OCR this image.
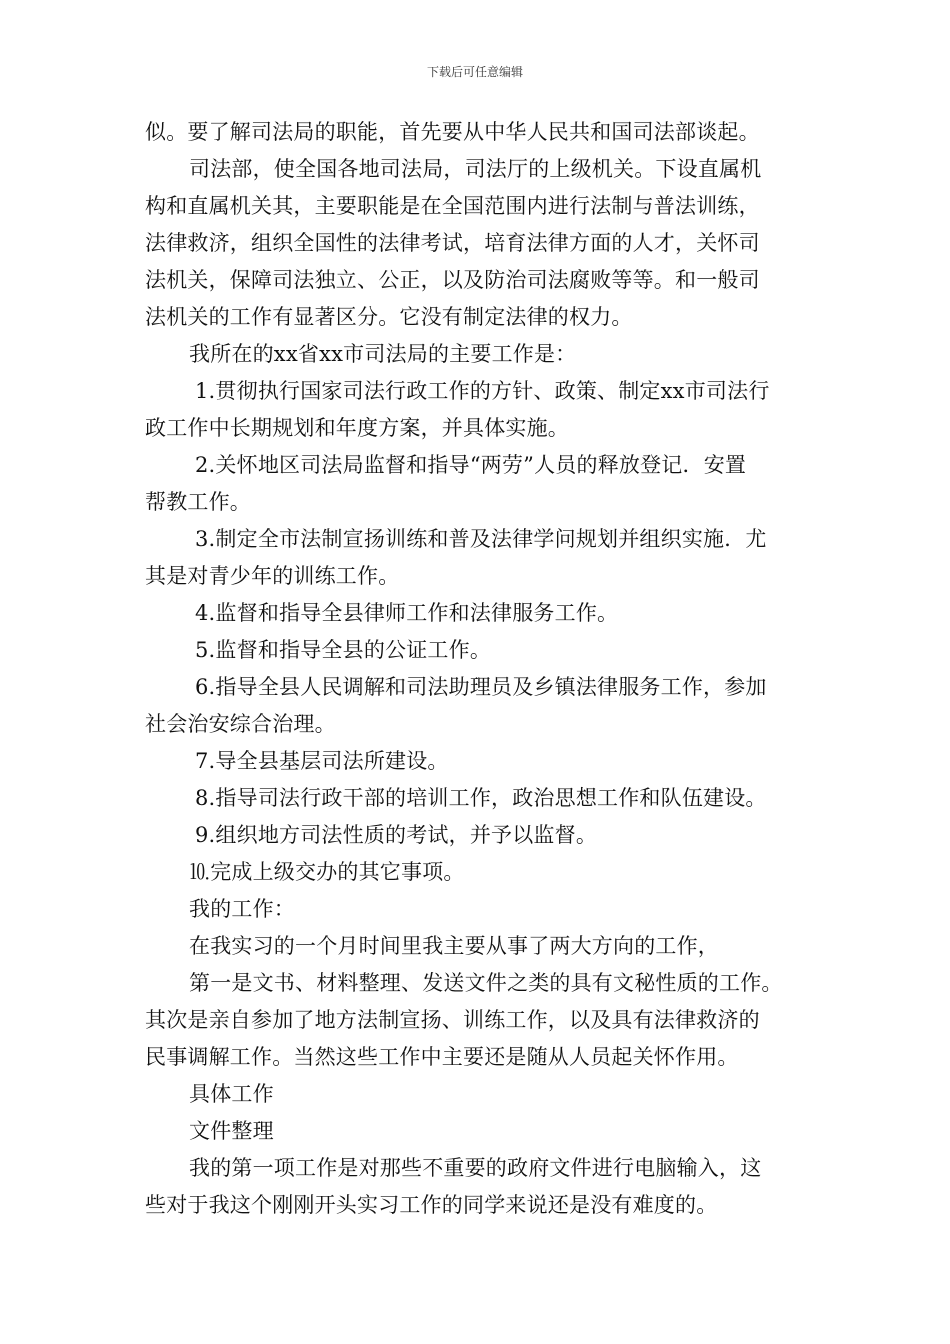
下载后可任意编辑
似。要了解司法局的职能，首先要从中华人民共和国司法部谈起。
司法部，使全国各地司法局，司法厅的上级机关。下设直属机
构和直属机关其，主要职能是在全国范围内进行法制与普法训练，
法律救济，组织全国性的法律考试，培育法律方面的人才，关怀司
法机关，保障司法独立、公正，以及防治司法腐败等等。和一般司
法机关的工作有显著区分。它没有制定法律的权力。
我所在的xx省xx市司法局的主要工作是：
1.贯彻执行国家司法行政工作的方针、政策、制定xx市司法行
政工作中长期规划和年度方案，并具体实施。
2.关怀地区司法局监督和指导“两劳”人员的释放登记．安置
帮教工作。
3.制定全市法制宣扬训练和普及法律学问规划并组织实施．尤
其是对青少年的训练工作。
4.监督和指导全县律师工作和法律服务工作。
5.监督和指导全县的公证工作。
6.指导全县人民调解和司法助理员及乡镇法律服务工作，参加
社会治安综合治理。
7.导全县基层司法所建设。
8.指导司法行政干部的培训工作，政治思想工作和队伍建设。
9.组织地方司法性质的考试，并予以监督。
⒑完成上级交办的其它事项。
我的工作：
在我实习的一个月时间里我主要从事了两大方向的工作，
第一是文书、材料整理、发送文件之类的具有文秘性质的工作。
其次是亲自参加了地方法制宣扬、训练工作，以及具有法律救济的
民事调解工作。当然这些工作中主要还是随从人员起关怀作用。
具体工作
文件整理
我的第一项工作是对那些不重要的政府文件进行电脑输入，这
些对于我这个刚刚开头实习工作的同学来说还是没有难度的。
